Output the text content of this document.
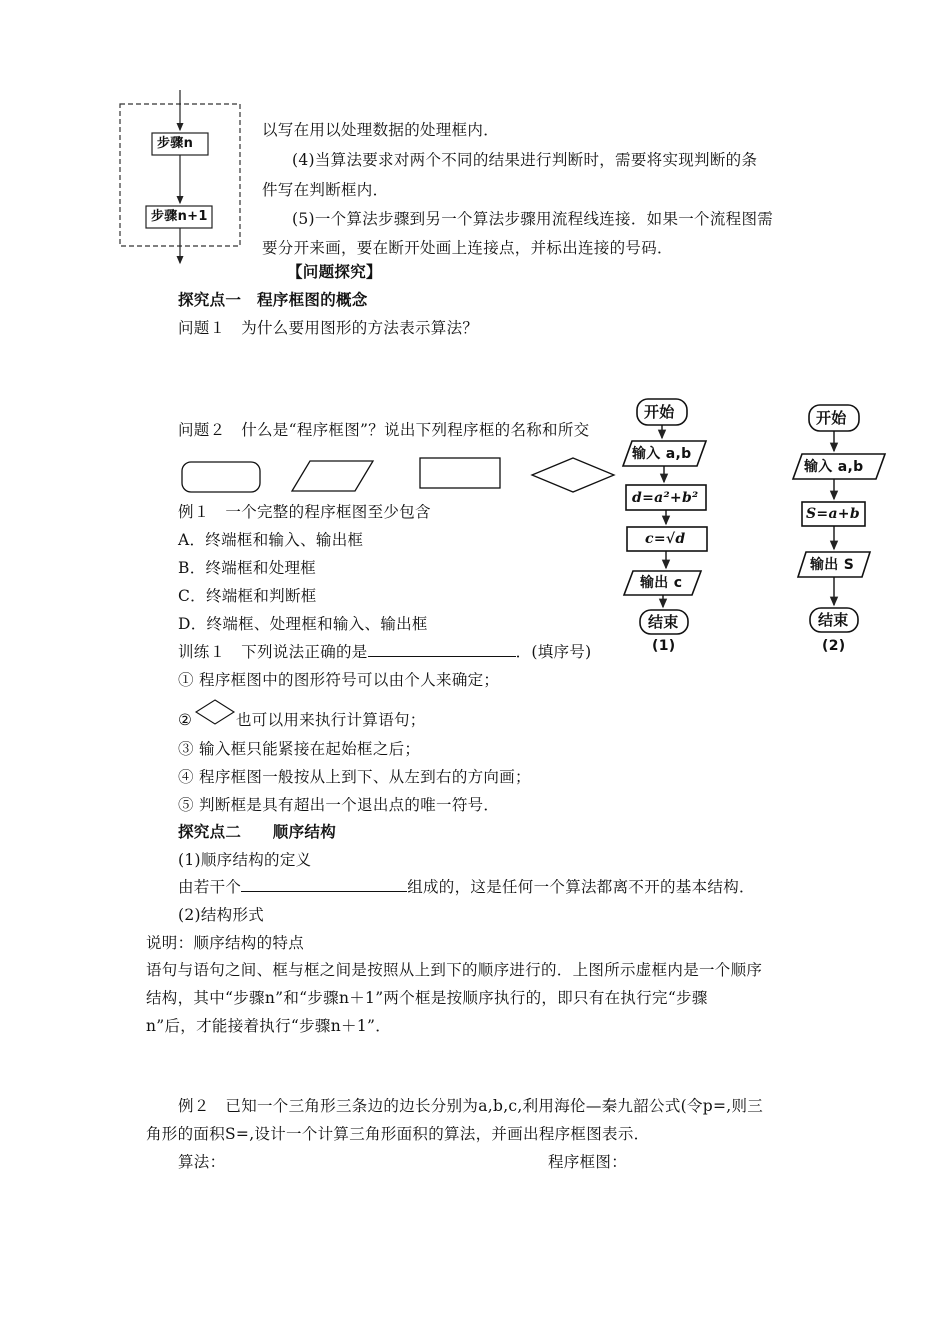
步骤n
步骤n+1
开始
输入 a,b
d=a²+b²
c=√d
输出 c
结束
(1)
开始
输入 a,b
S=a+b
输出 S
结束
(2)
以写在用以处理数据的处理框内．
(4)当算法要求对两个不同的结果进行判断时，需要将实现判断的条
件写在判断框内．
(5)一个算法步骤到另一个算法步骤用流程线连接．如果一个流程图需
要分开来画，要在断开处画上连接点，并标出连接的号码．
【问题探究】
探究点一　程序框图的概念
问题１　为什么要用图形的方法表示算法？
问题２　什么是“程序框图”？说出下列程序框的名称和所交
例１　一个完整的程序框图至少包含
A．终端框和输入、输出框
B．终端框和处理框
C．终端框和判断框
D．终端框、处理框和输入、输出框
训练１　下列说法正确的是	．(填序号)
① 程序框图中的图形符号可以由个人来确定；
②	也可以用来执行计算语句；
③ 输入框只能紧接在起始框之后；
④ 程序框图一般按从上到下、从左到右的方向画；
⑤ 判断框是具有超出一个退出点的唯一符号．
探究点二　　顺序结构
(1)顺序结构的定义
由若干个	组成的，这是任何一个算法都离不开的基本结构．
(2)结构形式
说明：顺序结构的特点
语句与语句之间、框与框之间是按照从上到下的顺序进行的．上图所示虚框内是一个顺序
结构，其中“步骤n”和“步骤n＋1”两个框是按顺序执行的，即只有在执行完“步骤
n”后，才能接着执行“步骤n＋1”．
例２　已知一个三角形三条边的边长分别为a,b,c,利用海伦—秦九韶公式(令p=,则三
角形的面积S=,设计一个计算三角形面积的算法，并画出程序框图表示．
算法：	程序框图：
